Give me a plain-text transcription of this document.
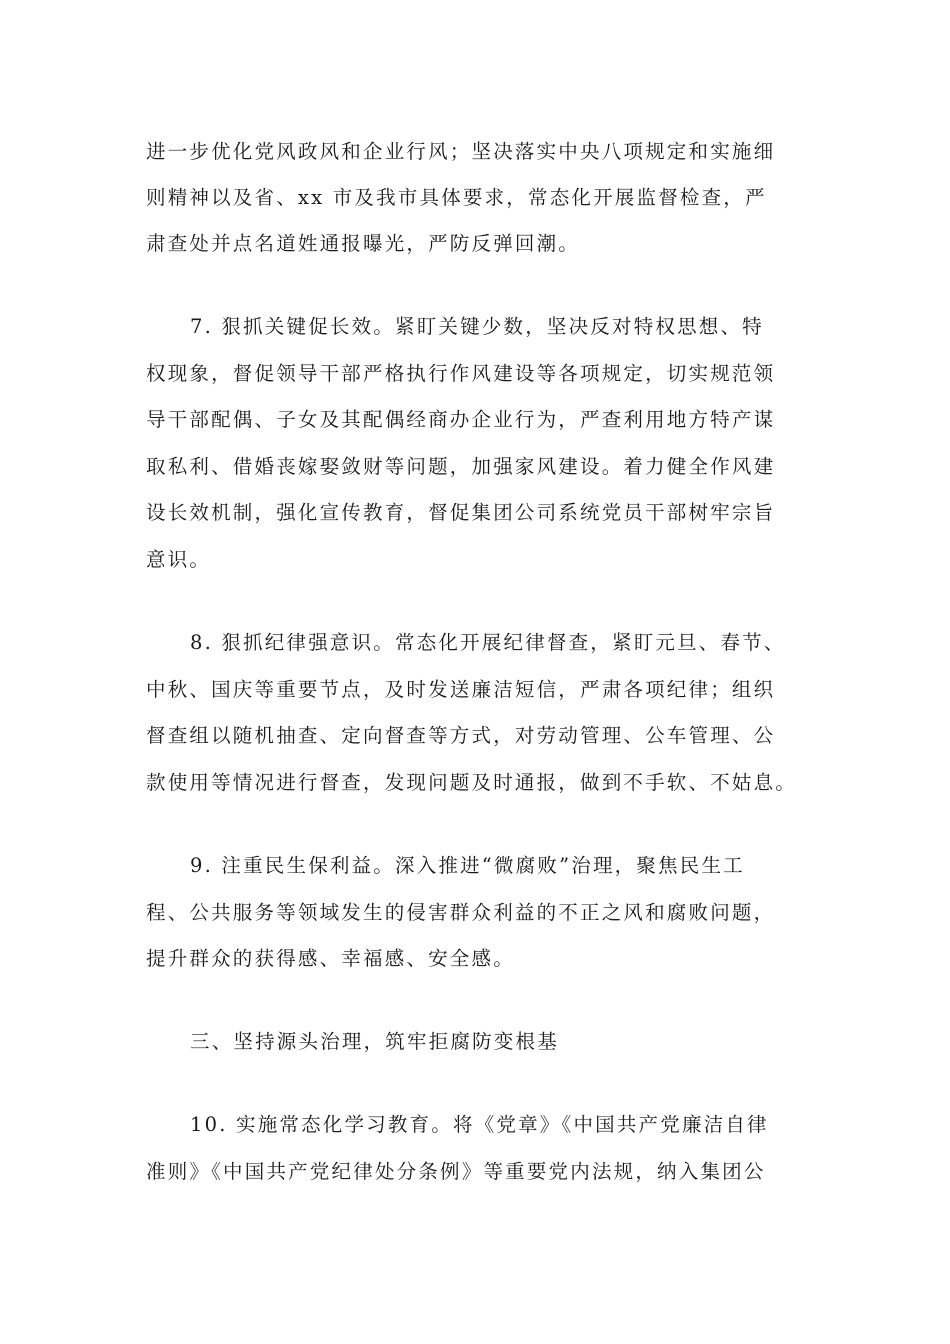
进一步优化党风政风和企业行风；坚决落实中央八项规定和实施细
则精神以及省、xx 市及我市具体要求，常态化开展监督检查，严
肃查处并点名道姓通报曝光，严防反弹回潮。
7. 狠抓关键促长效。紧盯关键少数，坚决反对特权思想、特
权现象，督促领导干部严格执行作风建设等各项规定，切实规范领
导干部配偶、子女及其配偶经商办企业行为，严查利用地方特产谋
取私利、借婚丧嫁娶敛财等问题，加强家风建设。着力健全作风建
设长效机制，强化宣传教育，督促集团公司系统党员干部树牢宗旨
意识。
8. 狠抓纪律强意识。常态化开展纪律督查，紧盯元旦、春节、
中秋、国庆等重要节点，及时发送廉洁短信，严肃各项纪律；组织
督查组以随机抽查、定向督查等方式，对劳动管理、公车管理、公
款使用等情况进行督查，发现问题及时通报，做到不手软、不姑息。
9. 注重民生保利益。深入推进“微腐败”治理，聚焦民生工
程、公共服务等领域发生的侵害群众利益的不正之风和腐败问题，
提升群众的获得感、幸福感、安全感。
三、坚持源头治理，筑牢拒腐防变根基
10. 实施常态化学习教育。将《党章》《中国共产党廉洁自律
准则》《中国共产党纪律处分条例》等重要党内法规，纳入集团公
